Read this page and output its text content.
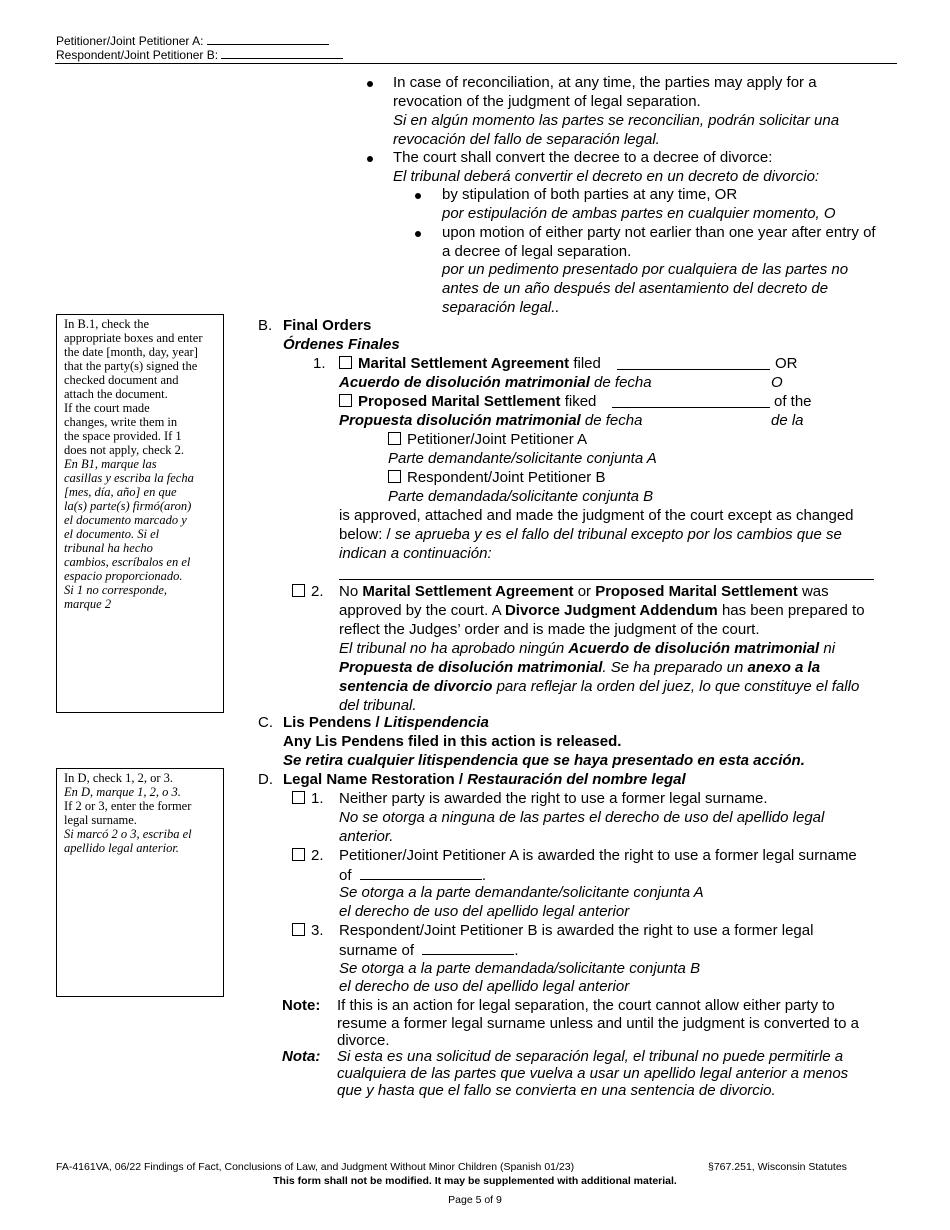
Petitioner/Joint Petitioner A:
Respondent/Joint Petitioner B:
In case of reconciliation, at any time, the parties may apply for a
revocation of the judgment of legal separation.
Si en algún momento las partes se reconcilian, podrán solicitar una
revocación del fallo de separación legal.
The court shall convert the decree to a decree of divorce:
El tribunal deberá convertir el decreto en un decreto de divorcio:
by stipulation of both parties at any time, OR
por estipulación de ambas partes en cualquier momento, O
upon motion of either party not earlier than one year after entry of
a decree of legal separation.
por un pedimento presentado por cualquiera de las partes no
antes de un año después del asentamiento del decreto de
separación legal..
In B.1, check the
appropriate boxes and enter
the date [month, day, year]
that the party(s) signed the
checked document and
attach the document.
If the court made
changes, write them in
the space provided. If 1
does not apply, check 2.
En B1, marque las
casillas y escriba la fecha
[mes, día, año] en que
la(s) parte(s) firmó(aron)
el documento marcado y
el documento. Si el
tribunal ha hecho
cambios, escríbalos en el
espacio proporcionado.
Si 1 no corresponde,
marque 2
B. Final Orders
Órdenes Finales
1.	Marital Settlement Agreement filed	OR
Acuerdo de disolución matrimonial de fecha	O
Proposed Marital Settlement fiked	of the
Propuesta disolución matrimonial de fecha	de la
Petitioner/Joint Petitioner A
Parte demandante/solicitante conjunta A
Respondent/Joint Petitioner B
Parte demandada/solicitante conjunta B
is approved, attached and made the judgment of the court except as changed
below: / se aprueba y es el fallo del tribunal excepto por los cambios que se
indican a continuación:
2. No Marital Settlement Agreement or Proposed Marital Settlement was
approved by the court. A Divorce Judgment Addendum has been prepared to
reflect the Judges’ order and is made the judgment of the court.
El tribunal no ha aprobado ningún Acuerdo de disolución matrimonial ni
Propuesta de disolución matrimonial. Se ha preparado un anexo a la
sentencia de divorcio para reflejar la orden del juez, lo que constituye el fallo
del tribunal.
C. Lis Pendens / Litispendencia
Any Lis Pendens filed in this action is released.
Se retira cualquier litispendencia que se haya presentado en esta acción.
In D, check 1, 2, or 3.
En D, marque 1, 2, o 3.
If 2 or 3, enter the former
legal surname.
Si marcó 2 o 3, escriba el
apellido legal anterior.
D. Legal Name Restoration / Restauración del nombre legal
1. Neither party is awarded the right to use a former legal surname.
No se otorga a ninguna de las partes el derecho de uso del apellido legal
anterior.
2. Petitioner/Joint Petitioner A is awarded the right to use a former legal surname
of	.
Se otorga a la parte demandante/solicitante conjunta A
el derecho de uso del apellido legal anterior
3. Respondent/Joint Petitioner B is awarded the right to use a former legal
surname of	.
Se otorga a la parte demandada/solicitante conjunta B
el derecho de uso del apellido legal anterior
Note: If this is an action for legal separation, the court cannot allow either party to
resume a former legal surname unless and until the judgment is converted to a
divorce.
Nota: Si esta es una solicitud de separación legal, el tribunal no puede permitirle a
cualquiera de las partes que vuelva a usar un apellido legal anterior a menos
que y hasta que el fallo se convierta en una sentencia de divorcio.
FA-4161VA, 06/22 Findings of Fact, Conclusions of Law, and Judgment Without Minor Children (Spanish 01/23)	§767.251, Wisconsin Statutes
This form shall not be modified. It may be supplemented with additional material.
Page 5 of 9
